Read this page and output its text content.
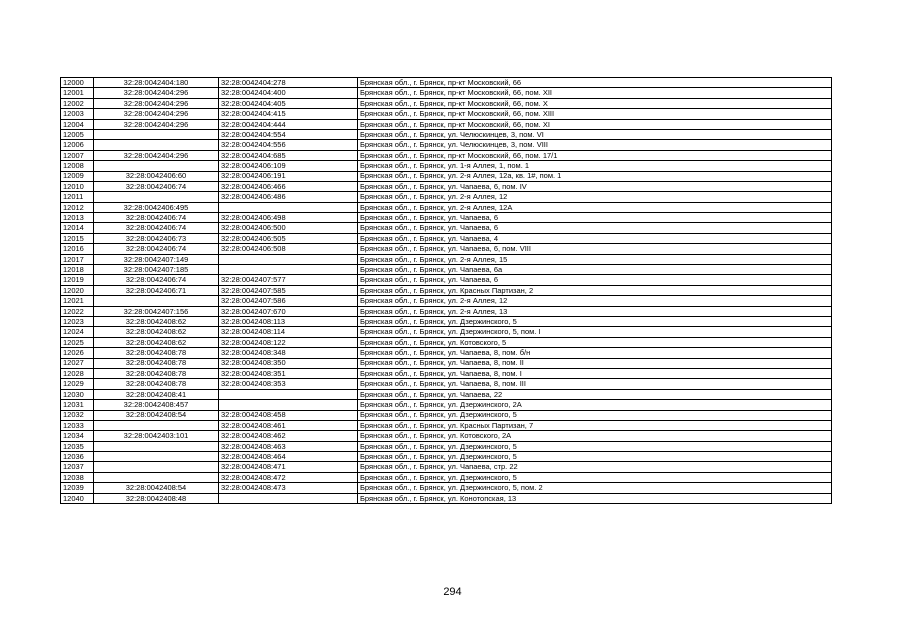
12000	32:28:0042404:180	32:28:0042404:278	Брянская обл., г. Брянск, пр-кт Московский, 66
12001	32:28:0042404:296	32:28:0042404:400	Брянская обл., г. Брянск, пр-кт Московский, 66, пом. XII
12002	32:28:0042404:296	32:28:0042404:405	Брянская обл., г. Брянск, пр-кт Московский, 66, пом. X
12003	32:28:0042404:296	32:28:0042404:415	Брянская обл., г. Брянск, пр-кт Московский, 66, пом. XIII
12004	32:28:0042404:296	32:28:0042404:444	Брянская обл., г. Брянск, пр-кт Московский, 66, пом. XI
12005		32:28:0042404:554	Брянская обл., г. Брянск, ул. Челюскинцев, 3, пом. VI
12006		32:28:0042404:556	Брянская обл., г. Брянск, ул. Челюскинцев, 3, пом. VIII
12007	32:28:0042404:296	32:28:0042404:685	Брянская обл., г. Брянск, пр-кт Московский, 66, пом. 17/1
12008		32:28:0042406:109	Брянская обл., г. Брянск, ул. 1-я Аллея, 1, пом. 1
12009	32:28:0042406:60	32:28:0042406:191	Брянская обл., г. Брянск, ул. 2-я Аллея, 12а, кв. 1#, пом. 1
12010	32:28:0042406:74	32:28:0042406:466	Брянская обл., г. Брянск, ул. Чапаева, 6, пом. IV
12011		32:28:0042406:486	Брянская обл., г. Брянск, ул. 2-я Аллея, 12
12012	32:28:0042406:495		Брянская обл., г. Брянск, ул. 2-я Аллея, 12А
12013	32:28:0042406:74	32:28:0042406:498	Брянская обл., г. Брянск, ул. Чапаева, 6
12014	32:28:0042406:74	32:28:0042406:500	Брянская обл., г. Брянск, ул. Чапаева, 6
12015	32:28:0042406:73	32:28:0042406:505	Брянская обл., г. Брянск, ул. Чапаева, 4
12016	32:28:0042406:74	32:28:0042406:508	Брянская обл., г. Брянск, ул. Чапаева, 6, пом. VIII
12017	32:28:0042407:149		Брянская обл., г. Брянск, ул. 2-я Аллея, 15
12018	32:28:0042407:185		Брянская обл., г. Брянск, ул. Чапаева, 6а
12019	32:28:0042406:74	32:28:0042407:577	Брянская обл., г. Брянск, ул. Чапаева, 6
12020	32:28:0042406:71	32:28:0042407:585	Брянская обл., г. Брянск, ул. Красных Партизан, 2
12021		32:28:0042407:586	Брянская обл., г. Брянск, ул. 2-я Аллея, 12
12022	32:28:0042407:156	32:28:0042407:670	Брянская обл., г. Брянск, ул. 2-я Аллея, 13
12023	32:28:0042408:62	32:28:0042408:113	Брянская обл., г. Брянск, ул. Дзержинского, 5
12024	32:28:0042408:62	32:28:0042408:114	Брянская обл., г. Брянск, ул. Дзержинского, 5, пом. I
12025	32:28:0042408:62	32:28:0042408:122	Брянская обл., г. Брянск, ул. Котовского, 5
12026	32:28:0042408:78	32:28:0042408:348	Брянская обл., г. Брянск, ул. Чапаева, 8, пом. б/н
12027	32:28:0042408:78	32:28:0042408:350	Брянская обл., г. Брянск, ул. Чапаева, 8, пом. II
12028	32:28:0042408:78	32:28:0042408:351	Брянская обл., г. Брянск, ул. Чапаева, 8, пом. I
12029	32:28:0042408:78	32:28:0042408:353	Брянская обл., г. Брянск, ул. Чапаева, 8, пом. III
12030	32:28:0042408:41		Брянская обл., г. Брянск, ул. Чапаева, 22
12031	32:28:0042408:457		Брянская обл., г. Брянск, ул. Дзержинского, 2А
12032	32:28:0042408:54	32:28:0042408:458	Брянская обл., г. Брянск, ул. Дзержинского, 5
12033		32:28:0042408:461	Брянская обл., г. Брянск, ул. Красных Партизан, 7
12034	32:28:0042403:101	32:28:0042408:462	Брянская обл., г. Брянск, ул. Котовского, 2А
12035		32:28:0042408:463	Брянская обл., г. Брянск, ул. Дзержинского, 5
12036		32:28:0042408:464	Брянская обл., г. Брянск, ул. Дзержинского, 5
12037		32:28:0042408:471	Брянская обл., г. Брянск, ул. Чапаева, стр. 22
12038		32:28:0042408:472	Брянская обл., г. Брянск, ул. Дзержинского, 5
12039	32:28:0042408:54	32:28:0042408:473	Брянская обл., г. Брянск, ул. Дзержинского, 5, пом. 2
12040	32:28:0042408:48		Брянская обл., г. Брянск, ул. Конотопская, 13
294
